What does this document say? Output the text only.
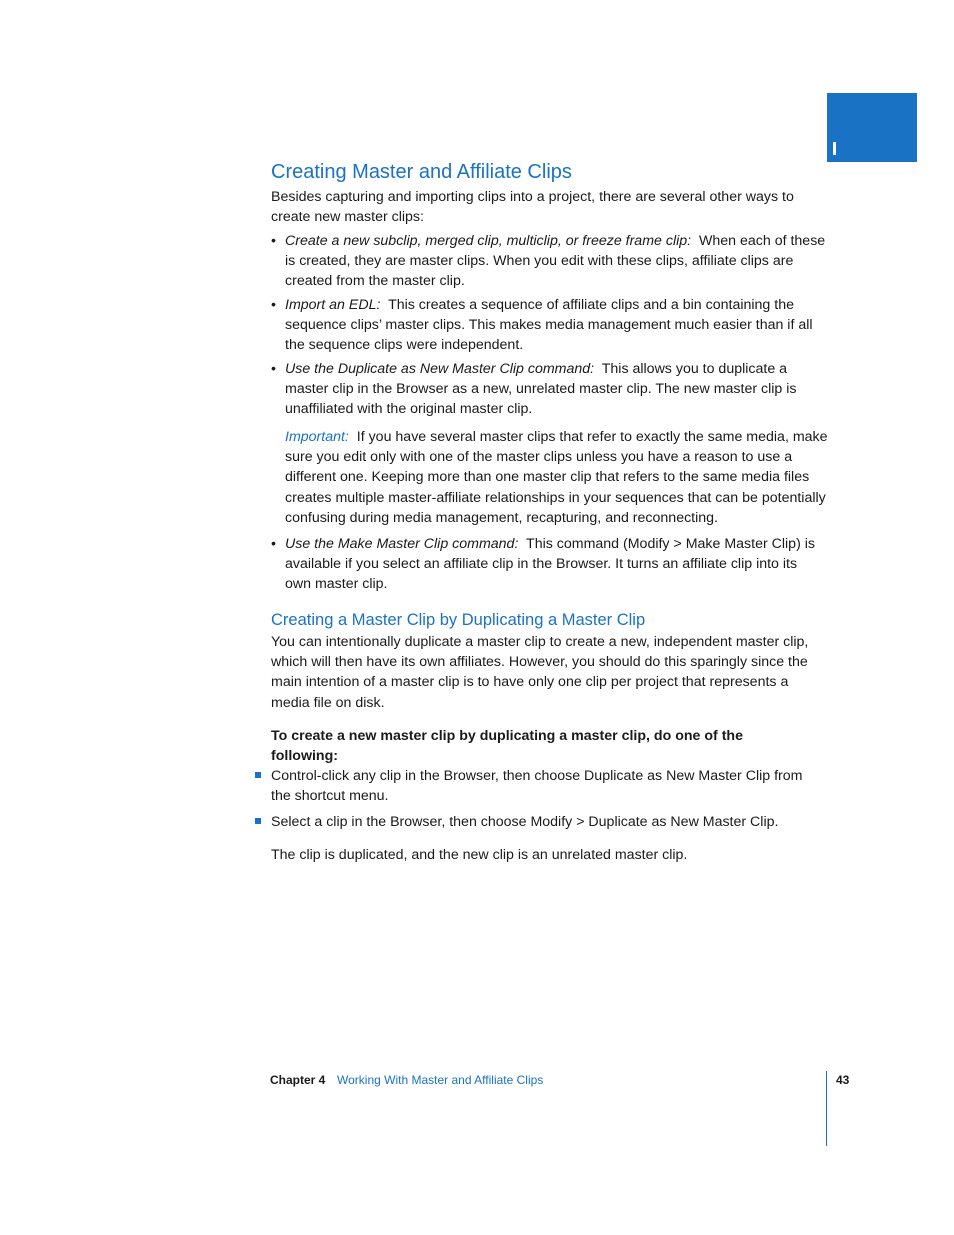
Creating Master and Affiliate Clips
Besides capturing and importing clips into a project, there are several other ways to create new master clips:
• Create a new subclip, merged clip, multiclip, or freeze frame clip: When each of these is created, they are master clips. When you edit with these clips, affiliate clips are created from the master clip.
• Import an EDL: This creates a sequence of affiliate clips and a bin containing the sequence clips’ master clips. This makes media management much easier than if all the sequence clips were independent.
• Use the Duplicate as New Master Clip command: This allows you to duplicate a master clip in the Browser as a new, unrelated master clip. The new master clip is unaffiliated with the original master clip.
Important: If you have several master clips that refer to exactly the same media, make sure you edit only with one of the master clips unless you have a reason to use a different one. Keeping more than one master clip that refers to the same media files creates multiple master-affiliate relationships in your sequences that can be potentially confusing during media management, recapturing, and reconnecting.
• Use the Make Master Clip command: This command (Modify > Make Master Clip) is available if you select an affiliate clip in the Browser. It turns an affiliate clip into its own master clip.
Creating a Master Clip by Duplicating a Master Clip
You can intentionally duplicate a master clip to create a new, independent master clip, which will then have its own affiliates. However, you should do this sparingly since the main intention of a master clip is to have only one clip per project that represents a media file on disk.
To create a new master clip by duplicating a master clip, do one of the following:
Control-click any clip in the Browser, then choose Duplicate as New Master Clip from the shortcut menu.
Select a clip in the Browser, then choose Modify > Duplicate as New Master Clip.
The clip is duplicated, and the new clip is an unrelated master clip.
Chapter 4 Working With Master and Affiliate Clips	43
